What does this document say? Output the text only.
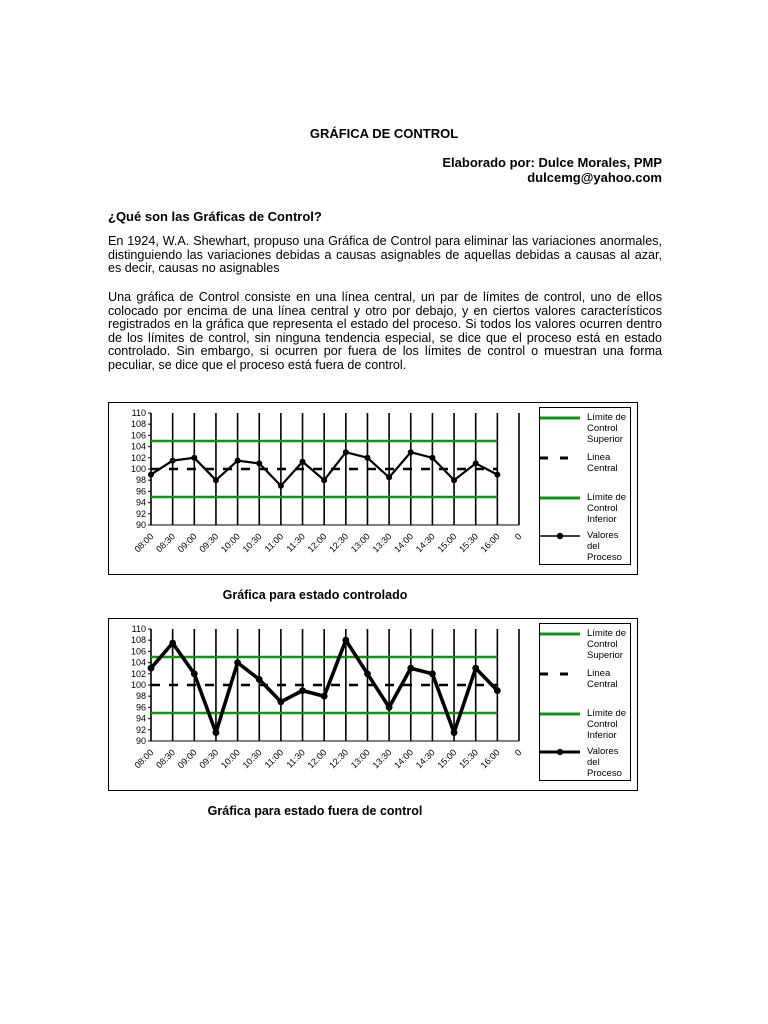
GRÁFICA DE CONTROL
Elaborado por: Dulce Morales, PMP
dulcemg@yahoo.com
¿Qué son las Gráficas de Control?
En 1924, W.A. Shewhart, propuso una Gráfica de Control para eliminar las variaciones anormales, distinguiendo las variaciones debidas a causas asignables de aquellas debidas a causas al azar, es decir, causas no asignables
Una gráfica de Control consiste en una línea central, un par de límites de control, uno de ellos colocado por encima de una línea central y otro por debajo, y en ciertos valores característicos registrados en la gráfica que representa el estado del proceso. Si todos los valores ocurren dentro de los límites de control, sin ninguna tendencia especial, se dice que el proceso está en estado controlado. Sin embargo, si ocurren por fuera de los límites de control o muestran una forma peculiar, se dice que el proceso está fuera de control.
90
92
94
96
98
100
102
104
106
108
110
08:00
08:30
09:00
09:30
10:00
10:30 11:00 11:30
12:00
12:30
13:00
13:30
14:00
14:30
15:00
15:30
16:00 0
Límite de
Control
Superior
Linea
Central
Límite de
Control
Inferior
Valores
del
Proceso
Gráfica para estado controlado
90
92
94
96
98
100
102
104
106
108
110
08:00
08:30
09:00
09:30
10:00
10:30 11:00 11:30
12:00
12:30
13:00
13:30
14:00
14:30
15:00
15:30
16:00 0
Límite de
Control
Superior
Linea
Central
Límite de
Control
Inferior
Valores
del
Proceso
Gráfica para estado fuera de control
